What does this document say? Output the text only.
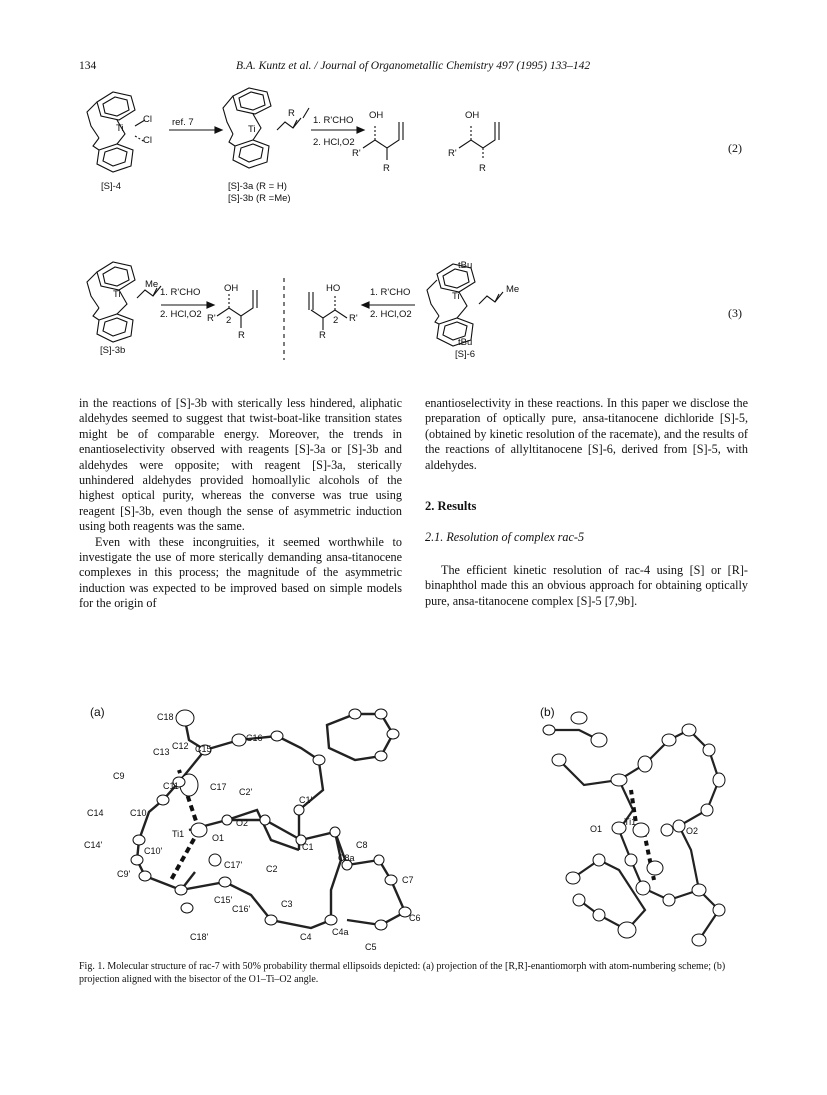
134	B.A. Kuntz et al. / Journal of Organometallic Chemistry 497 (1995) 133–142
Ti
Cl
Cl
[S]-4
ref. 7
Ti
R
[S]-3a (R = H)
[S]-3b (R =Me)
1. R'CHO
2. HCl,O2
OH
R'
R
OH
R'
R
(2)
Ti
Me
[S]-3b
1. R'CHO
2. HCl,O2
OH
R' 2
R
HO
2 R'
R
1. R'CHO
2. HCl,O2
tBu
Ti
Me
tBu
[S]-6
(3)

in the reactions of [S]-3b with sterically less hindered, aliphatic aldehydes seemed to suggest that twist-boat-like transition states might be of comparable energy. Moreover, the trends in enantioselectivity observed with reagents [S]-3a or [S]-3b and aldehydes were opposite; with reagent [S]-3a, sterically unhindered aldehydes provided homoallylic alcohols of the highest optical purity, whereas the converse was true using reagent [S]-3b, even though the sense of asymmetric induction using both reagents was the same.

Even with these incongruities, it seemed worthwhile to investigate the use of more sterically demanding ansa-titanocene complexes in this process; the magnitude of the asymmetric induction was expected to be improved based on simple models for the origin of

enantioselectivity in these reactions. In this paper we disclose the preparation of optically pure, ansa-titanocene dichloride [S]-5, (obtained by kinetic resolution of the racemate), and the results of the reactions of allyltitanocene [S]-6, derived from [S]-5, with aldehydes.

2. Results
2.1. Resolution of complex rac-5

The efficient kinetic resolution of rac-4 using [S] or [R]-binaphthol made this an obvious approach for obtaining optically pure, ansa-titanocene complex [S]-5 [7,9b].

(a)	(b)
C18
C13
C12 C15
C16
C9
C11	C17 C2'
C1'
C14	C10
O2
Ti1	O1
C1	C8
C14'
C10'
C17'
C8a
C9'	C2
C7
C15'
C16'	C3
C6
C18'	C4 C4a
C5
O1
Ti1
O2
Fig. 1. Molecular structure of rac-7 with 50% probability thermal ellipsoids depicted: (a) projection of the [R,R]-enantiomorph with atom-numbering scheme; (b) projection aligned with the bisector of the O1–Ti–O2 angle.
